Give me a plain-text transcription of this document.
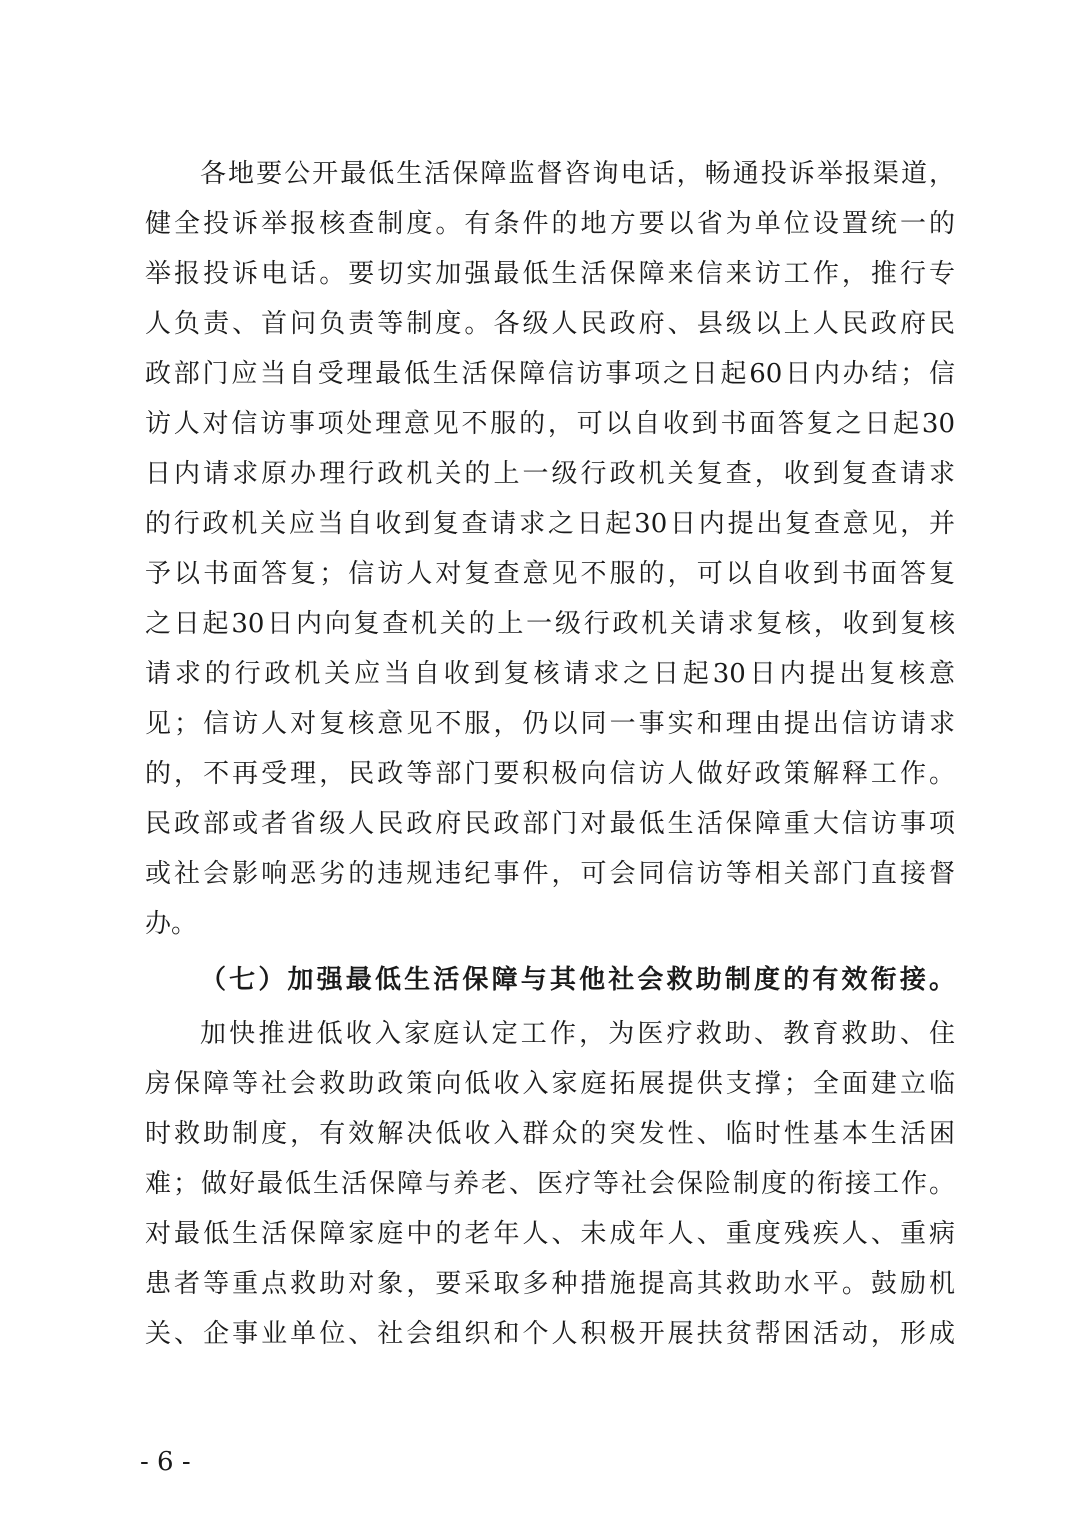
各地要公开最低生活保障监督咨询电话，畅通投诉举报渠道，
健全投诉举报核查制度。有条件的地方要以省为单位设置统一的
举报投诉电话。要切实加强最低生活保障来信来访工作，推行专
人负责、首问负责等制度。各级人民政府、县级以上人民政府民
政部门应当自受理最低生活保障信访事项之日起60日内办结；信
访人对信访事项处理意见不服的，可以自收到书面答复之日起30
日内请求原办理行政机关的上一级行政机关复查，收到复查请求
的行政机关应当自收到复查请求之日起30日内提出复查意见，并
予以书面答复；信访人对复查意见不服的，可以自收到书面答复
之日起30日内向复查机关的上一级行政机关请求复核，收到复核
请求的行政机关应当自收到复核请求之日起30日内提出复核意
见；信访人对复核意见不服，仍以同一事实和理由提出信访请求
的，不再受理，民政等部门要积极向信访人做好政策解释工作。
民政部或者省级人民政府民政部门对最低生活保障重大信访事项
或社会影响恶劣的违规违纪事件，可会同信访等相关部门直接督
办。
（七）加强最低生活保障与其他社会救助制度的有效衔接。
加快推进低收入家庭认定工作，为医疗救助、教育救助、住
房保障等社会救助政策向低收入家庭拓展提供支撑；全面建立临
时救助制度，有效解决低收入群众的突发性、临时性基本生活困
难；做好最低生活保障与养老、医疗等社会保险制度的衔接工作。
对最低生活保障家庭中的老年人、未成年人、重度残疾人、重病
患者等重点救助对象，要采取多种措施提高其救助水平。鼓励机
关、企事业单位、社会组织和个人积极开展扶贫帮困活动，形成
- 6 -
